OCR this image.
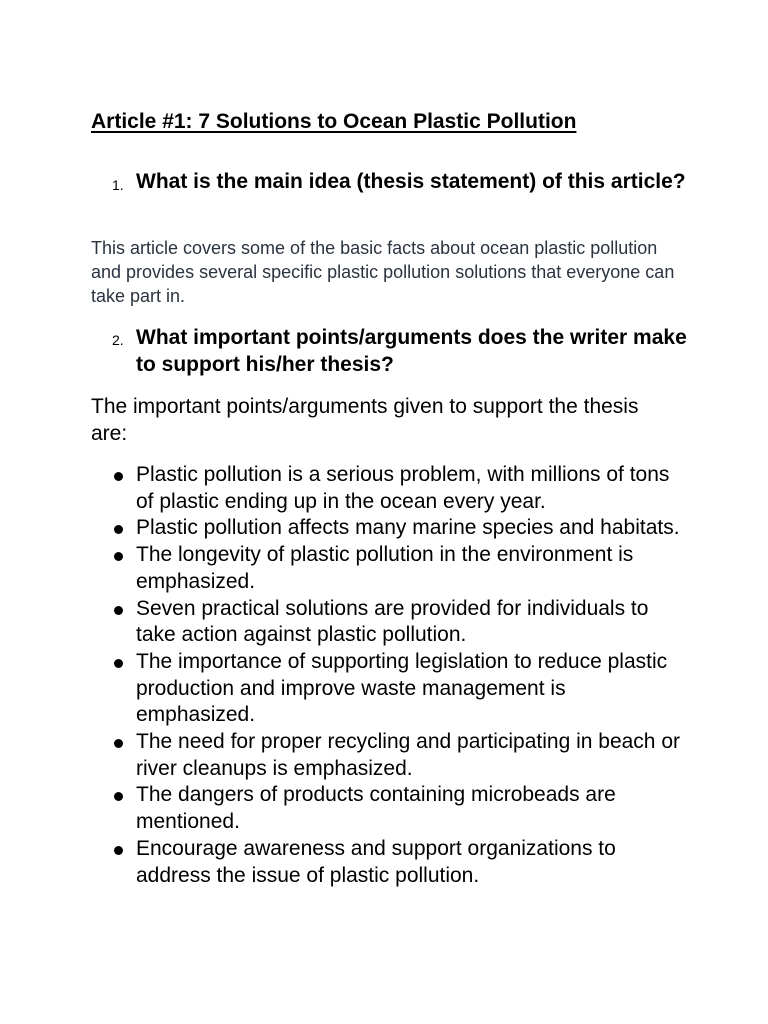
Article #1: 7 Solutions to Ocean Plastic Pollution
1. What is the main idea (thesis statement) of this article?

This article covers some of the basic facts about ocean plastic pollution and provides several specific plastic pollution solutions that everyone can take part in.

2. What important points/arguments does the writer make to support his/her thesis?

The important points/arguments given to support the thesis are:

Plastic pollution is a serious problem, with millions of tons of plastic ending up in the ocean every year.
Plastic pollution affects many marine species and habitats.
The longevity of plastic pollution in the environment is emphasized.
Seven practical solutions are provided for individuals to take action against plastic pollution.
The importance of supporting legislation to reduce plastic production and improve waste management is emphasized.
The need for proper recycling and participating in beach or river cleanups is emphasized.
The dangers of products containing microbeads are mentioned.
Encourage awareness and support organizations to address the issue of plastic pollution.
